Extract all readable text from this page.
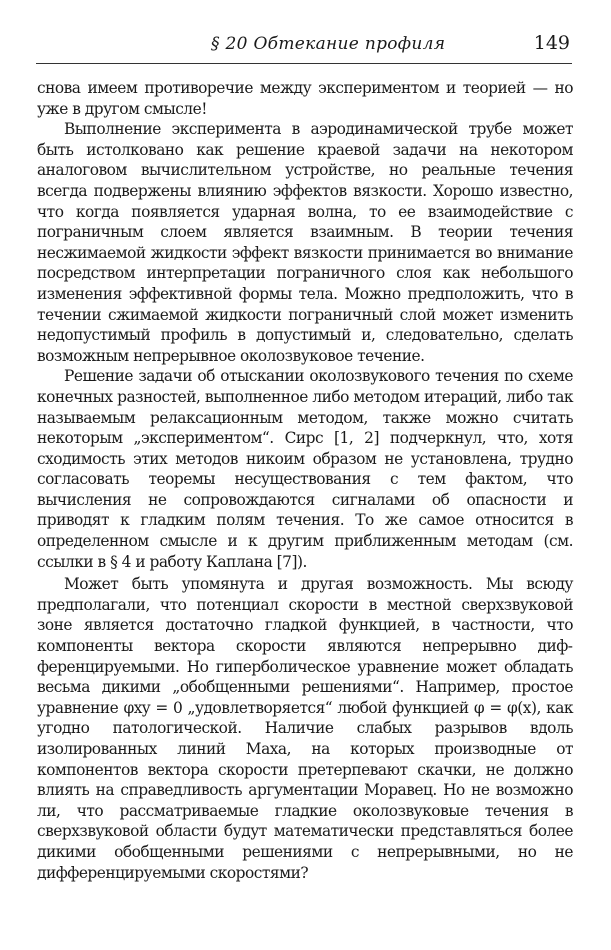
§ 20 Обтекание профиля	149

снова имеем противоречие между экспериментом и теорией — но уже в другом смысле!

Выполнение эксперимента в аэродинамической трубе может быть истолковано как решение краевой задачи на некотором аналоговом вычислительном устройстве, но реальные течения всегда подвержены влиянию эффектов вязкости. Хорошо известно, что когда появляется ударная волна, то ее взаимодействие с пограничным слоем является взаимным. В теории течения несжимаемой жидкости эффект вязкости принимается во внимание посредством интерпретации пограничного слоя как небольшого изменения эффективной формы тела. Можно предположить, что в течении сжимаемой жидкости пограничный слой может изменить недопустимый профиль в допустимый и, следовательно, сделать возможным непрерывное околозвуковое течение.

Решение задачи об отыскании околозвукового течения по схеме конечных разностей, выполненное либо методом итераций, либо так называемым релаксационным методом, также можно считать некоторым „экспериментом“. Сирс [1, 2] подчеркнул, что, хотя сходимость этих методов никоим образом не установлена, трудно согласовать теоремы несуществования с тем фактом, что вычисления не сопровождаются сигналами об опасности и приводят к гладким полям течения. То же самое относится в определенном смысле и к другим приближенным методам (см. ссылки в § 4 и работу Каплана [7]).

Может быть упомянута и другая возможность. Мы всюду предполагали, что потенциал скорости в местной сверхзвуковой зоне является достаточно гладкой функцией, в частности, что компоненты вектора скорости являются непрерывно дифференцируемыми. Но гиперболическое уравнение может обладать весьма дикими „обобщенными решениями“. Например, простое уравнение φxy = 0 „удовлетворяется“ любой функцией φ = φ(x), как угодно патологической. Наличие слабых разрывов вдоль изолированных линий Маха, на которых производные от компонентов вектора скорости претерпевают скачки, не должно влиять на справедливость аргументации Моравец. Но не возможно ли, что рассматриваемые гладкие околозвуковые течения в сверхзвуковой области будут математически представляться более дикими обобщенными решениями с непрерывными, но не дифференцируемыми скоростями?
